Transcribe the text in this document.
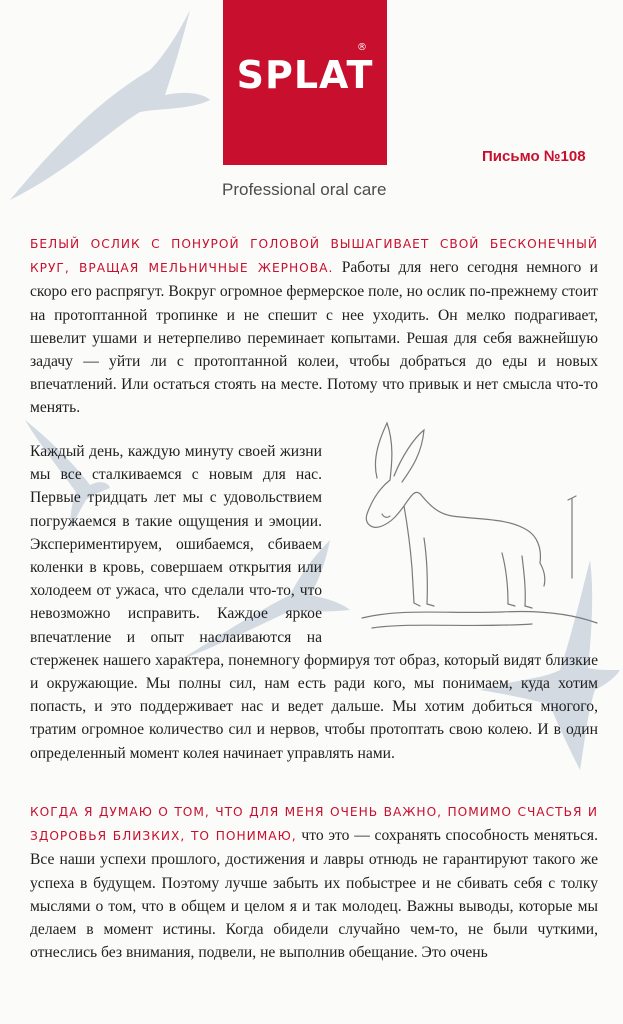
SPLAT
®
Professional oral care
Письмо №108

БЕЛЫЙ ОСЛИК С ПОНУРОЙ ГОЛОВОЙ ВЫШАГИВАЕТ СВОЙ БЕСКОНЕЧНЫЙ КРУГ, ВРАЩАЯ МЕЛЬНИЧНЫЕ ЖЕРНОВА. Работы для него сегодня немного и скоро его распрягут. Вокруг огромное фермерское поле, но ослик по-прежнему стоит на протоптанной тропинке и не спешит с нее уходить. Он мелко подрагивает, шевелит ушами и нетерпеливо переминает копытами. Решая для себя важнейшую задачу — уйти ли с протоптанной колеи, чтобы добраться до еды и новых впечатлений. Или остаться стоять на месте. Потому что привык и нет смысла что-то менять.

Каждый день, каждую минуту своей жизни мы все сталкиваемся с новым для нас. Первые тридцать лет мы с удовольствием погружаемся в такие ощущения и эмоции. Экспериментируем, ошибаемся, сбиваем коленки в кровь, совершаем открытия или холодеем от ужаса, что сделали что-то, что невозможно исправить. Каждое яркое впечатление и опыт наслаиваются на стерженек нашего характера, понемногу формируя тот образ, который видят близкие и окружающие. Мы полны сил, нам есть ради кого, мы понимаем, куда хотим попасть, и это поддерживает нас и ведет дальше. Мы хотим добиться многого, тратим огромное количество сил и нервов, чтобы протоптать свою колею. И в один определенный момент колея начинает управлять нами.

КОГДА Я ДУМАЮ О ТОМ, ЧТО ДЛЯ МЕНЯ ОЧЕНЬ ВАЖНО, ПОМИМО СЧАСТЬЯ И ЗДОРОВЬЯ БЛИЗКИХ, ТО ПОНИМАЮ, что это — сохранять способность меняться. Все наши успехи прошлого, достижения и лавры отнюдь не гарантируют такого же успеха в будущем. Поэтому лучше забыть их побыстрее и не сбивать себя с толку мыслями о том, что в общем и целом я и так молодец. Важны выводы, которые мы делаем в момент истины. Когда обидели случайно чем-то, не были чуткими, отнеслись без внимания, подвели, не выполнив обещание. Это очень
